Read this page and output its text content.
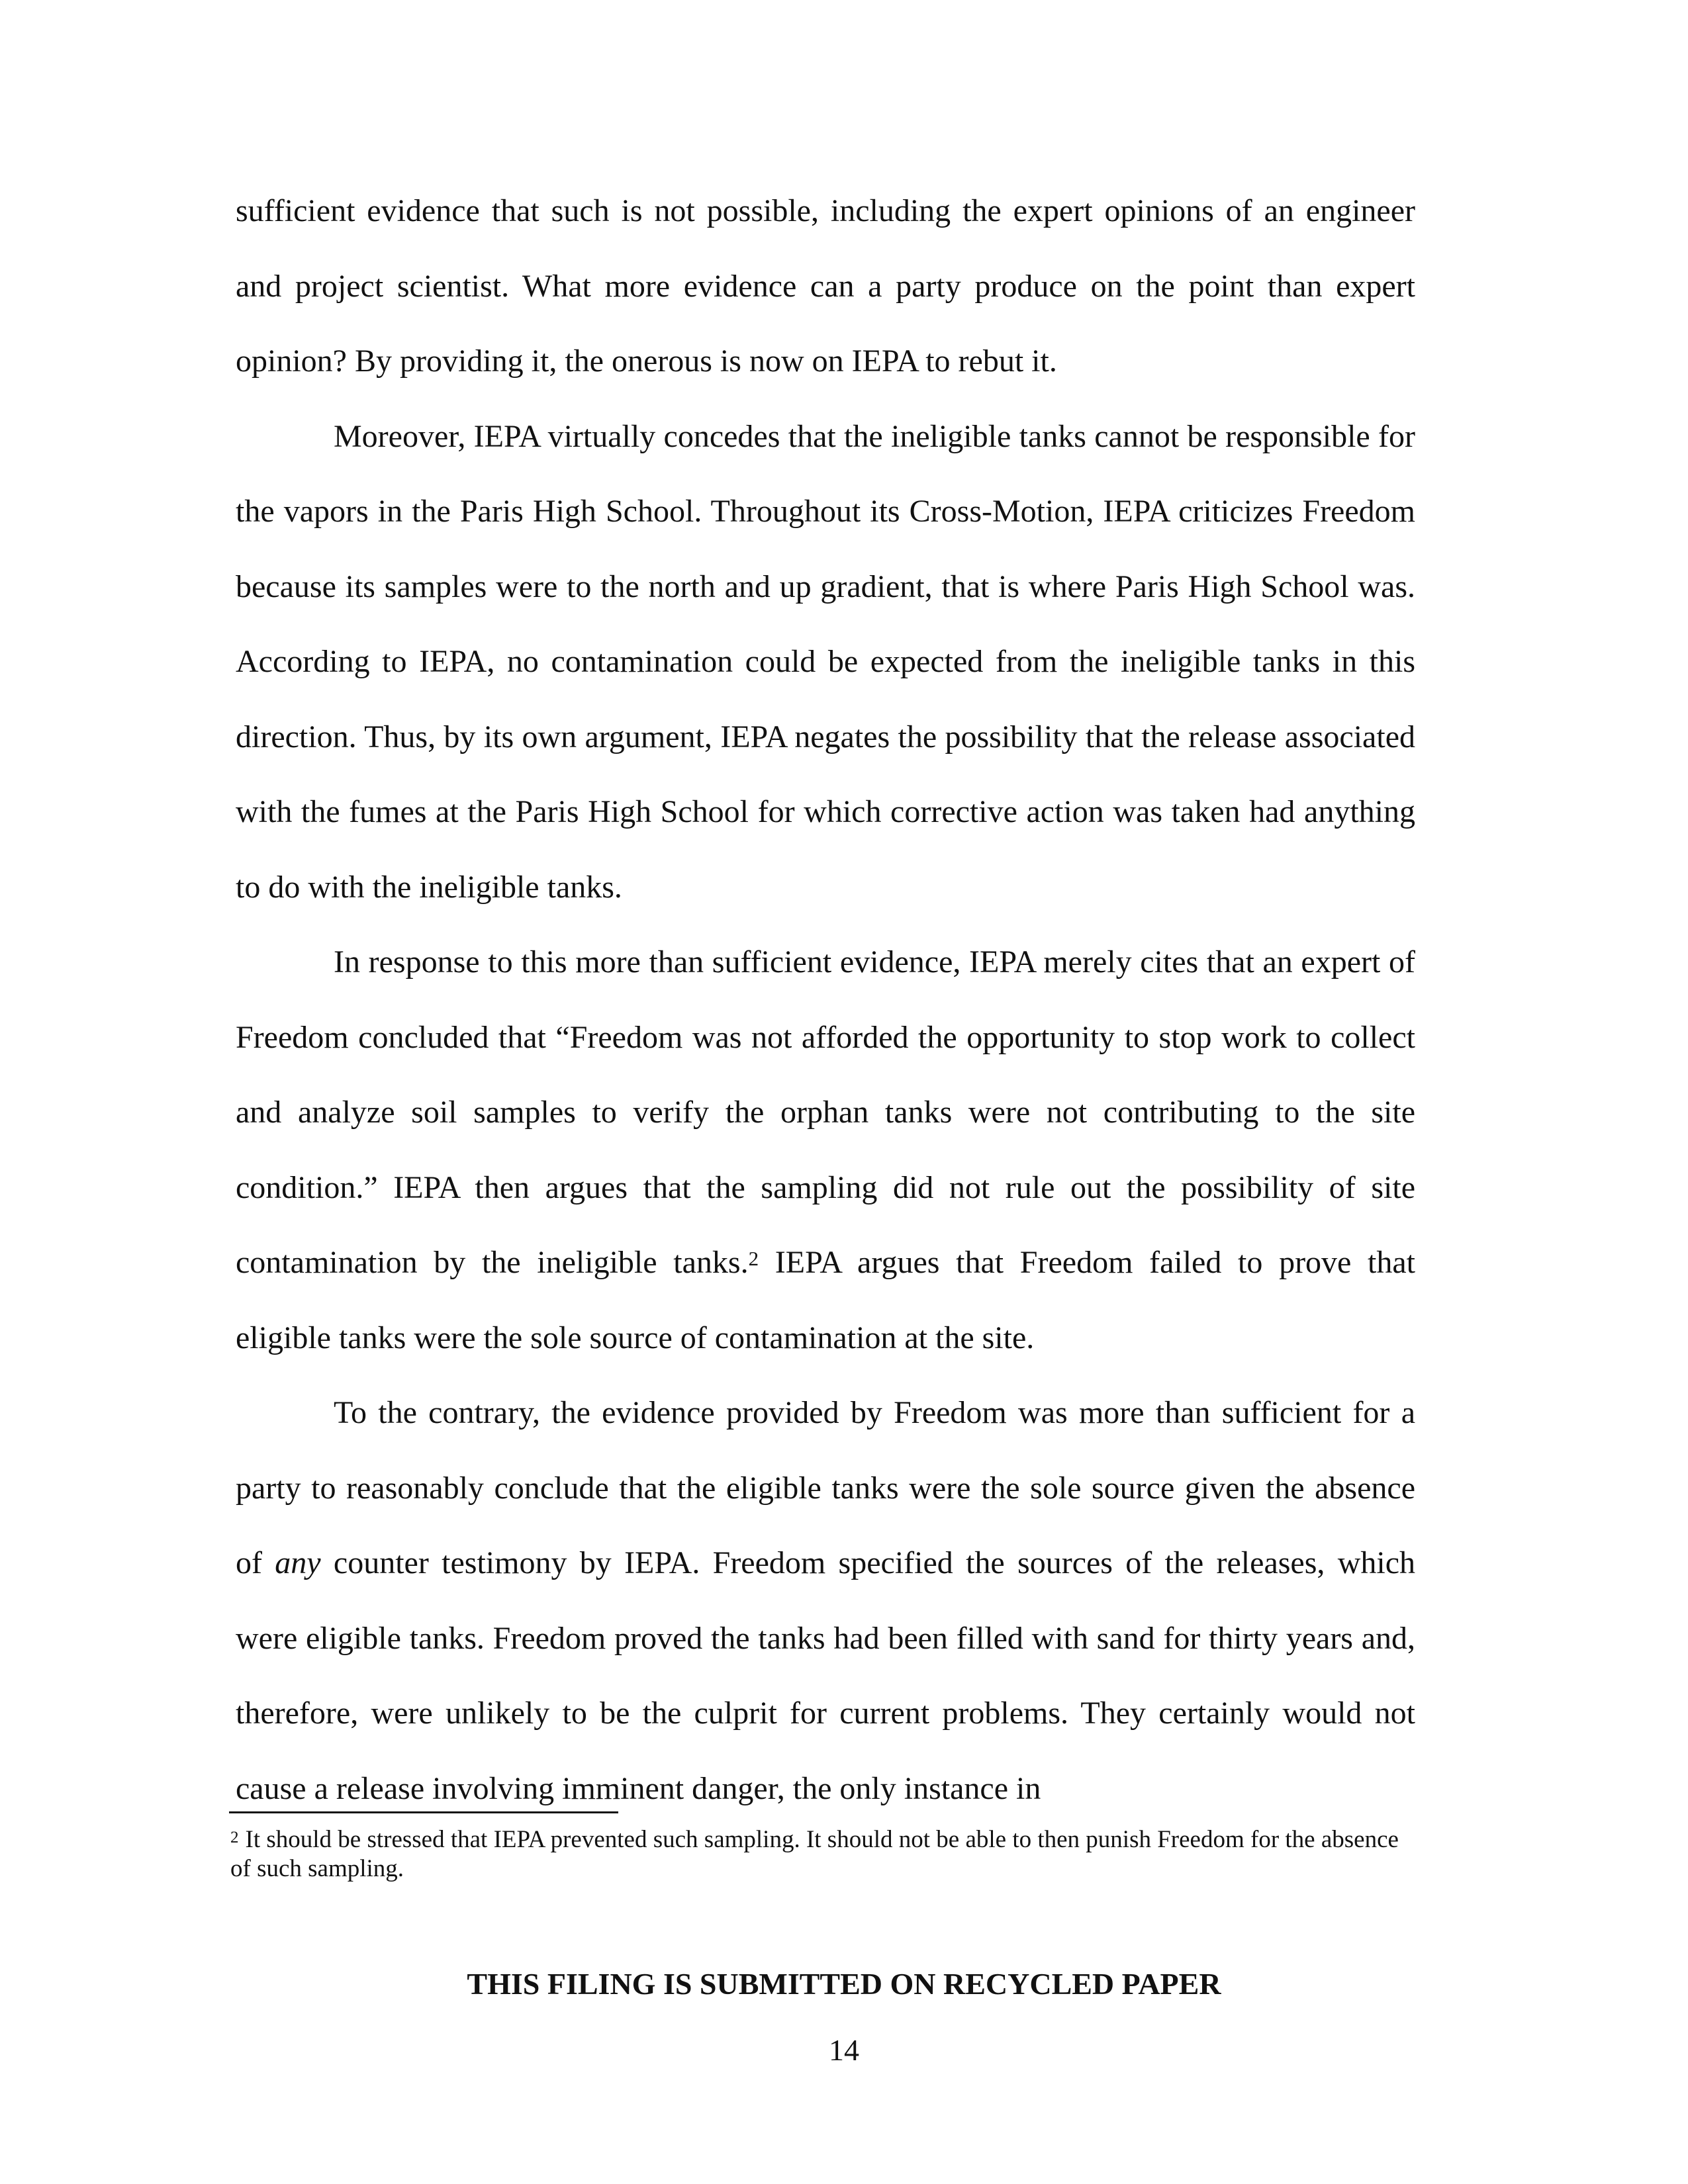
sufficient evidence that such is not possible, including the expert opinions of an engineer and project scientist. What more evidence can a party produce on the point than expert opinion? By providing it, the onerous is now on IEPA to rebut it.

Moreover, IEPA virtually concedes that the ineligible tanks cannot be responsible for the vapors in the Paris High School. Throughout its Cross-Motion, IEPA criticizes Freedom because its samples were to the north and up gradient, that is where Paris High School was. According to IEPA, no contamination could be expected from the ineligible tanks in this direction. Thus, by its own argument, IEPA negates the possibility that the release associated with the fumes at the Paris High School for which corrective action was taken had anything to do with the ineligible tanks.

In response to this more than sufficient evidence, IEPA merely cites that an expert of Freedom concluded that “Freedom was not afforded the opportunity to stop work to collect and analyze soil samples to verify the orphan tanks were not contributing to the site condition.” IEPA then argues that the sampling did not rule out the possibility of site contamination by the ineligible tanks.$^2$ IEPA argues that Freedom failed to prove that eligible tanks were the sole source of contamination at the site.

To the contrary, the evidence provided by Freedom was more than sufficient for a party to reasonably conclude that the eligible tanks were the sole source given the absence of any counter testimony by IEPA. Freedom specified the sources of the releases, which were eligible tanks. Freedom proved the tanks had been filled with sand for thirty years and, therefore, were unlikely to be the culprit for current problems. They certainly would not cause a release involving imminent danger, the only instance in

$^2$ It should be stressed that IEPA prevented such sampling. It should not be able to then punish Freedom for the absence of such sampling.
THIS FILING IS SUBMITTED ON RECYCLED PAPER
14
